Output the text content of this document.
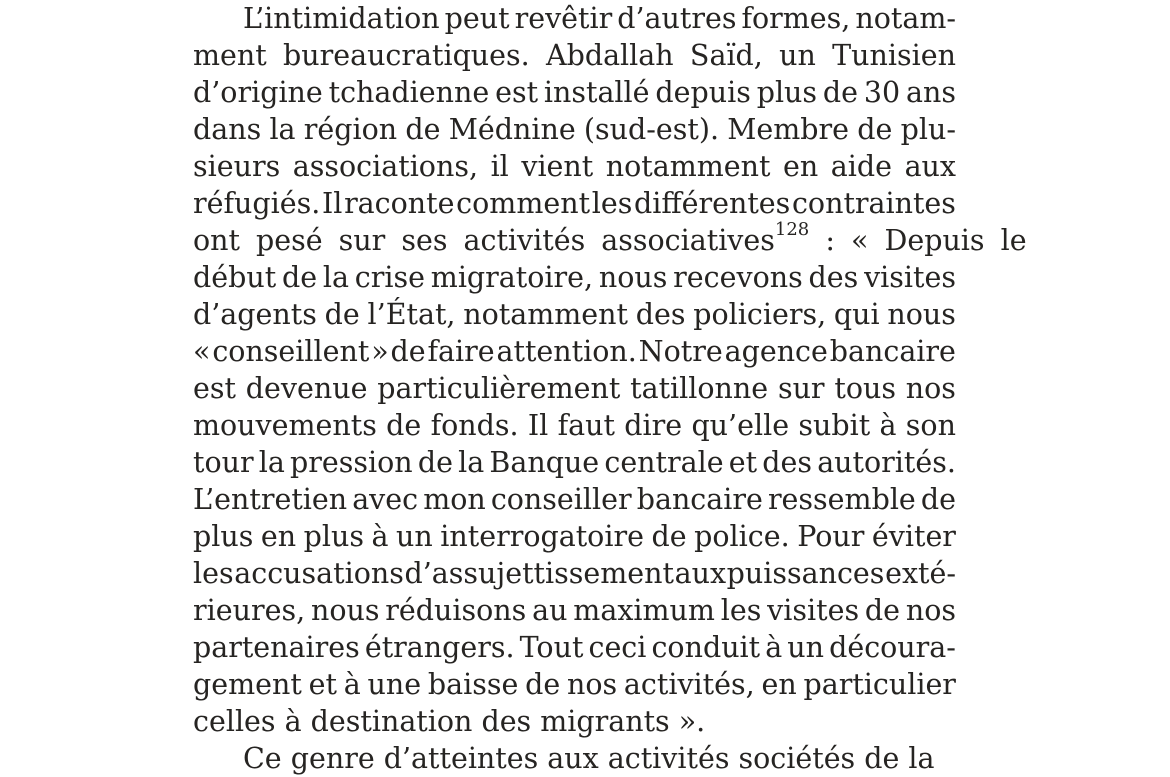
L’intimidation peut revêtir d’autres formes, notam-
ment bureaucratiques. Abdallah Saïd, un Tunisien
d’origine tchadienne est installé depuis plus de 30 ans
dans la région de Médnine (sud-est). Membre de plu-
sieurs associations, il vient notamment en aide aux
réfugiés. Il raconte comment les différentes contraintes
ont pesé sur ses activités associatives 128 : « Depuis le
début de la crise migratoire, nous recevons des visites
d’agents de l’État, notamment des policiers, qui nous
« conseillent » de faire attention. Notre agence bancaire
est devenue particulièrement tatillonne sur tous nos
mouvements de fonds. Il faut dire qu’elle subit à son
tour la pression de la Banque centrale et des autorités.
L’entretien avec mon conseiller bancaire ressemble de
plus en plus à un interrogatoire de police. Pour éviter
les accusations d’assujettissement aux puissances exté-
rieures, nous réduisons au maximum les visites de nos
partenaires étrangers. Tout ceci conduit à un découra-
gement et à une baisse de nos activités, en particulier
celles à destination des migrants ».
Ce genre d’atteintes aux activités sociétés de la
